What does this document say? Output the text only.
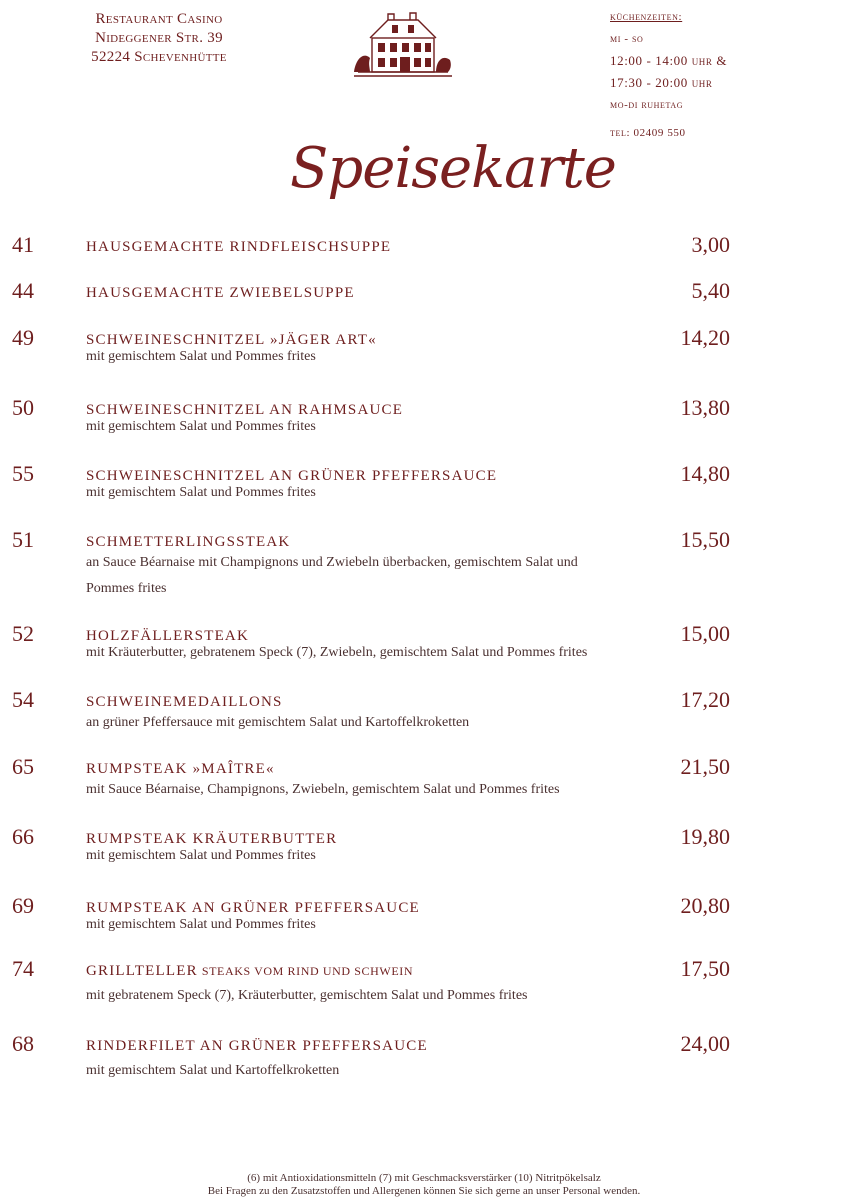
Restaurant Casino
Nideggener Str. 39
52224 Schevenhütte
küchenzeiten:
mi - so
12:00 - 14:00 uhr &
17:30 - 20:00 uhr
mo-di ruhetag
tel: 02409 550
Speisekarte
41	HAUSGEMACHTE RINDFLEISCHSUPPE	3,00
44	HAUSGEMACHTE ZWIEBELSUPPE	5,40
49	SCHWEINESCHNITZEL »JÄGER ART«	14,20
mit gemischtem Salat und Pommes frites
50	SCHWEINESCHNITZEL AN RAHMSAUCE	13,80
mit gemischtem Salat und Pommes frites
55	SCHWEINESCHNITZEL AN GRÜNER PFEFFERSAUCE	14,80
mit gemischtem Salat und Pommes frites
51	SCHMETTERLINGSSTEAK	15,50
an Sauce Béarnaise mit Champignons und Zwiebeln überbacken, gemischtem Salat und Pommes frites
52	HOLZFÄLLERSTEAK	15,00
mit Kräuterbutter, gebratenem Speck (7), Zwiebeln, gemischtem Salat und Pommes frites
54	SCHWEINEMEDAILLONS	17,20
an grüner Pfeffersauce mit gemischtem Salat und Kartoffelkroketten
65	RUMPSTEAK »MAÎTRE«	21,50
mit Sauce Béarnaise, Champignons, Zwiebeln, gemischtem Salat und Pommes frites
66	RUMPSTEAK KRÄUTERBUTTER	19,80
mit gemischtem Salat und Pommes frites
69	RUMPSTEAK AN GRÜNER PFEFFERSAUCE	20,80
mit gemischtem Salat und Pommes frites
74	GRILLTELLER STEAKS VOM RIND UND SCHWEIN	17,50
mit gebratenem Speck (7), Kräuterbutter, gemischtem Salat und Pommes frites
68	RINDERFILET AN GRÜNER PFEFFERSAUCE	24,00
mit gemischtem Salat und Kartoffelkroketten
(6) mit Antioxidationsmitteln (7) mit Geschmacksverstärker (10) Nitritpökelsalz
Bei Fragen zu den Zusatzstoffen und Allergenen können Sie sich gerne an unser Personal wenden.
